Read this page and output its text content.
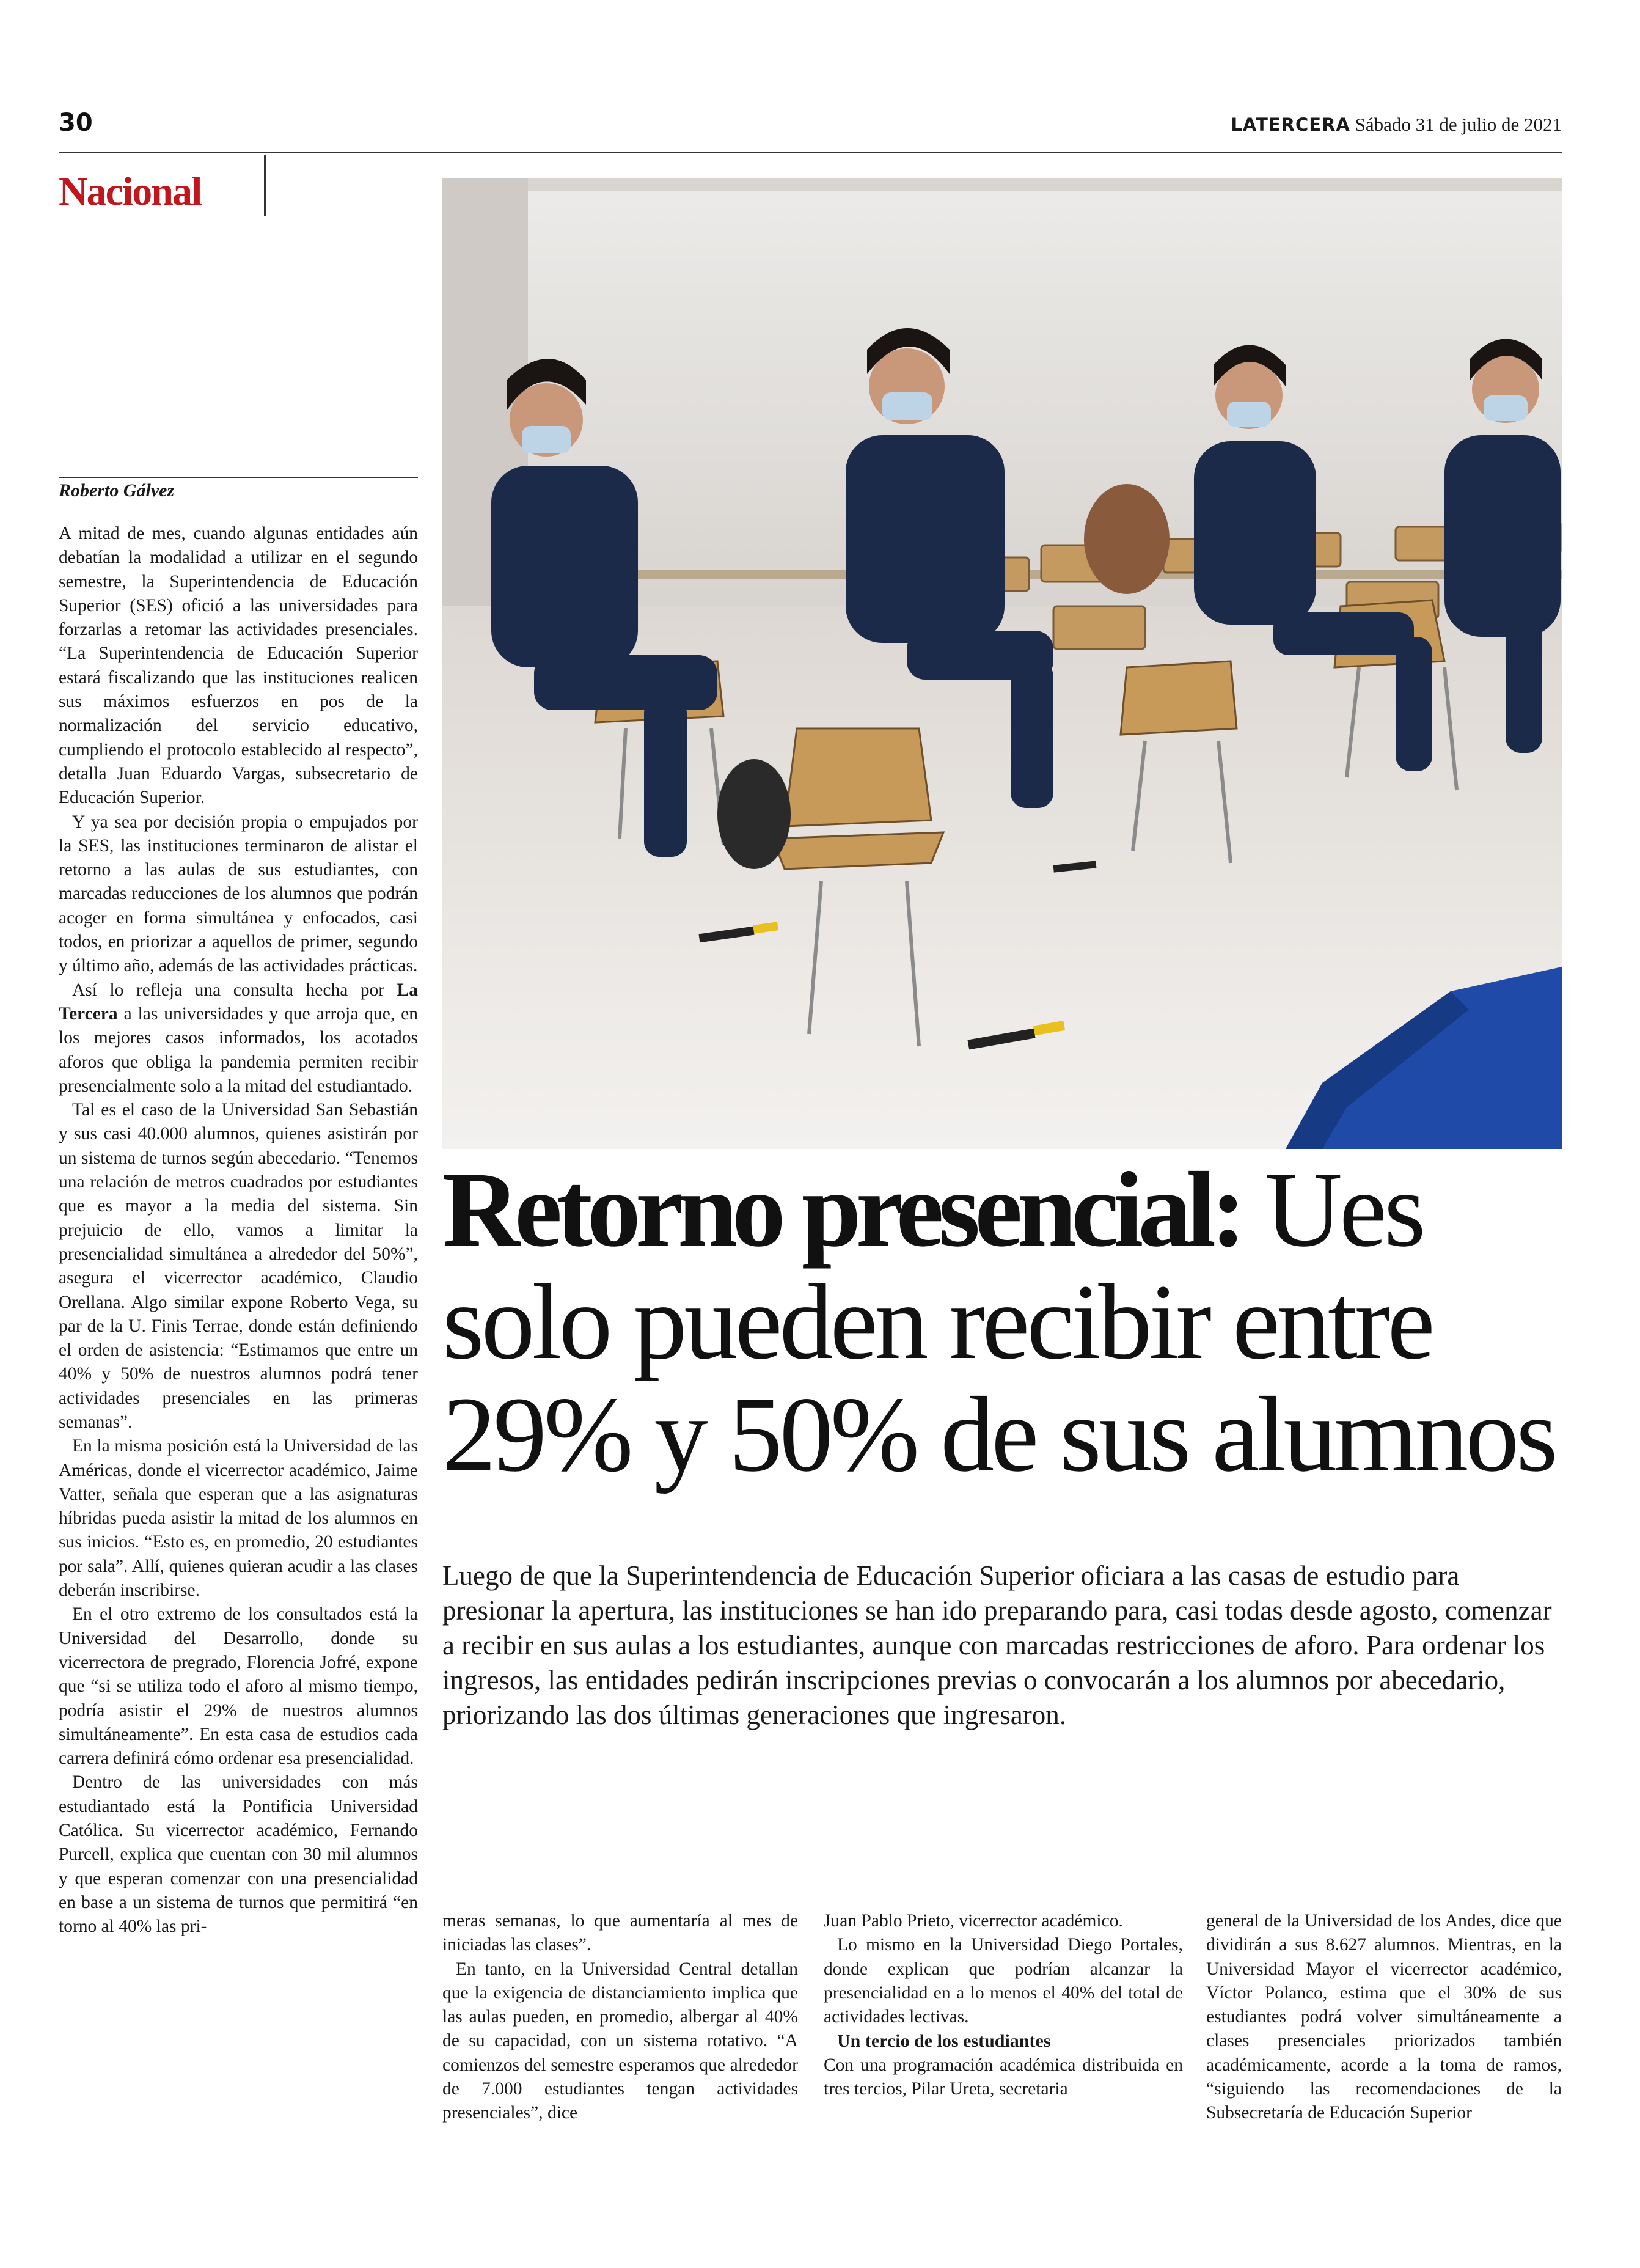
30	LATERCERA Sábado 31 de julio de 2021
Nacional
Roberto Gálvez

A mitad de mes, cuando algunas entidades aún debatían la modalidad a utilizar en el segundo semestre, la Superintendencia de Educación Superior (SES) ofició a las universidades para forzarlas a retomar las actividades presenciales. “La Superintendencia de Educación Superior estará fiscalizando que las instituciones realicen sus máximos esfuerzos en pos de la normalización del servicio educativo, cumpliendo el protocolo establecido al respecto”, detalla Juan Eduardo Vargas, subsecretario de Educación Superior.

Y ya sea por decisión propia o empujados por la SES, las instituciones terminaron de alistar el retorno a las aulas de sus estudiantes, con marcadas reducciones de los alumnos que podrán acoger en forma simultánea y enfocados, casi todos, en priorizar a aquellos de primer, segundo y último año, además de las actividades prácticas.

Así lo refleja una consulta hecha por La Tercera a las universidades y que arroja que, en los mejores casos informados, los acotados aforos que obliga la pandemia permiten recibir presencialmente solo a la mitad del estudiantado.

Tal es el caso de la Universidad San Sebastián y sus casi 40.000 alumnos, quienes asistirán por un sistema de turnos según abecedario. “Tenemos una relación de metros cuadrados por estudiantes que es mayor a la media del sistema. Sin prejuicio de ello, vamos a limitar la presencialidad simultánea a alrededor del 50%”, asegura el vicerrector académico, Claudio Orellana. Algo similar expone Roberto Vega, su par de la U. Finis Terrae, donde están definiendo el orden de asistencia: “Estimamos que entre un 40% y 50% de nuestros alumnos podrá tener actividades presenciales en las primeras semanas”.

En la misma posición está la Universidad de las Américas, donde el vicerrector académico, Jaime Vatter, señala que esperan que a las asignaturas híbridas pueda asistir la mitad de los alumnos en sus inicios. “Esto es, en promedio, 20 estudiantes por sala”. Allí, quienes quieran acudir a las clases deberán inscribirse.

En el otro extremo de los consultados está la Universidad del Desarrollo, donde su vicerrectora de pregrado, Florencia Jofré, expone que “si se utiliza todo el aforo al mismo tiempo, podría asistir el 29% de nuestros alumnos simultáneamente”. En esta casa de estudios cada carrera definirá cómo ordenar esa presencialidad.

Dentro de las universidades con más estudiantado está la Pontificia Universidad Católica. Su vicerrector académico, Fernando Purcell, explica que cuentan con 30 mil alumnos y que esperan comenzar con una presencialidad en base a un sistema de turnos que permitirá “en torno al 40% las pri-

Retorno presencial: Ues solo pueden recibir entre 29% y 50% de sus alumnos
Luego de que la Superintendencia de Educación Superior oficiara a las casas de estudio para presionar la apertura, las instituciones se han ido preparando para, casi todas desde agosto, comenzar a recibir en sus aulas a los estudiantes, aunque con marcadas restricciones de aforo. Para ordenar los ingresos, las entidades pedirán inscripciones previas o convocarán a los alumnos por abecedario, priorizando las dos últimas generaciones que ingresaron.

meras semanas, lo que aumentaría al mes de iniciadas las clases”.

En tanto, en la Universidad Central detallan que la exigencia de distanciamiento implica que las aulas pueden, en promedio, albergar al 40% de su capacidad, con un sistema rotativo. “A comienzos del semestre esperamos que alrededor de 7.000 estudiantes tengan actividades presenciales”, dice

Juan Pablo Prieto, vicerrector académico.

Lo mismo en la Universidad Diego Portales, donde explican que podrían alcanzar la presencialidad en a lo menos el 40% del total de actividades lectivas.

Un tercio de los estudiantes

Con una programación académica distribuida en tres tercios, Pilar Ureta, secretaria

general de la Universidad de los Andes, dice que dividirán a sus 8.627 alumnos. Mientras, en la Universidad Mayor el vicerrector académico, Víctor Polanco, estima que el 30% de sus estudiantes podrá volver simultáneamente a clases presenciales priorizados también académicamente, acorde a la toma de ramos, “siguiendo las recomendaciones de la Subsecretaría de Educación Superior
